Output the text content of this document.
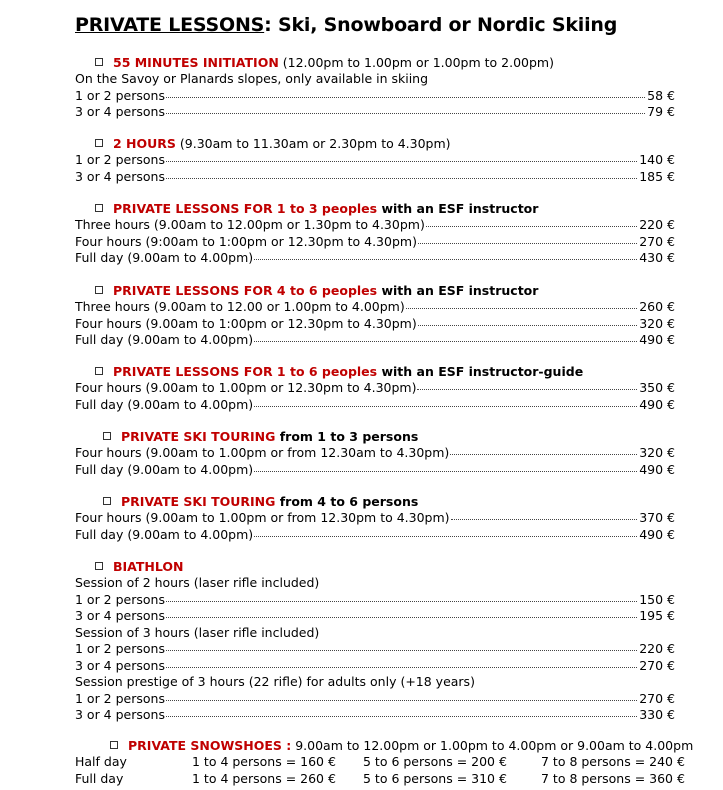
PRIVATE LESSONS: Ski, Snowboard or Nordic Skiing
55 MINUTES INITIATION (12.00pm to 1.00pm or 1.00pm to 2.00pm)
On the Savoy or Planards slopes, only available in skiing
1 or 2 persons	58 €
3 or 4 persons	79 €
2 HOURS (9.30am to 11.30am or 2.30pm to 4.30pm)
1 or 2 persons	140 €
3 or 4 persons	185 €
PRIVATE LESSONS FOR 1 to 3 peoples with an ESF instructor
Three hours (9.00am to 12.00pm or 1.30pm to 4.30pm)	220 €
Four hours (9:00am to 1:00pm or 12.30pm to 4.30pm)	270 €
Full day (9.00am to 4.00pm)	430 €
PRIVATE LESSONS FOR 4 to 6 peoples with an ESF instructor
Three hours (9.00am to 12.00 or 1.00pm to 4.00pm)	260 €
Four hours (9.00am to 1:00pm or 12.30pm to 4.30pm)	320 €
Full day (9.00am to 4.00pm)	490 €
PRIVATE LESSONS FOR 1 to 6 peoples with an ESF instructor-guide
Four hours (9.00am to 1.00pm or 12.30pm to 4.30pm)	350 €
Full day (9.00am to 4.00pm)	490 €
PRIVATE SKI TOURING from 1 to 3 persons
Four hours (9.00am to 1.00pm or from 12.30am to 4.30pm)	320 €
Full day (9.00am to 4.00pm)	490 €
PRIVATE SKI TOURING from 4 to 6 persons
Four hours (9.00am to 1.00pm or from 12.30pm to 4.30pm)	370 €
Full day (9.00am to 4.00pm)	490 €
BIATHLON
Session of 2 hours (laser rifle included)
1 or 2 persons	150 €
3 or 4 persons	195 €
Session of 3 hours (laser rifle included)
1 or 2 persons	220 €
3 or 4 persons	270 €
Session prestige of 3 hours (22 rifle) for adults only (+18 years)
1 or 2 persons	270 €
3 or 4 persons	330 €
PRIVATE SNOWSHOES : 9.00am to 12.00pm or 1.00pm to 4.00pm or 9.00am to 4.00pm
Half day	1 to 4 persons = 160 € 5 to 6 persons = 200 €	7 to 8 persons = 240 €
Full day	1 to 4 persons = 260 € 5 to 6 persons = 310 €	7 to 8 persons = 360 €
